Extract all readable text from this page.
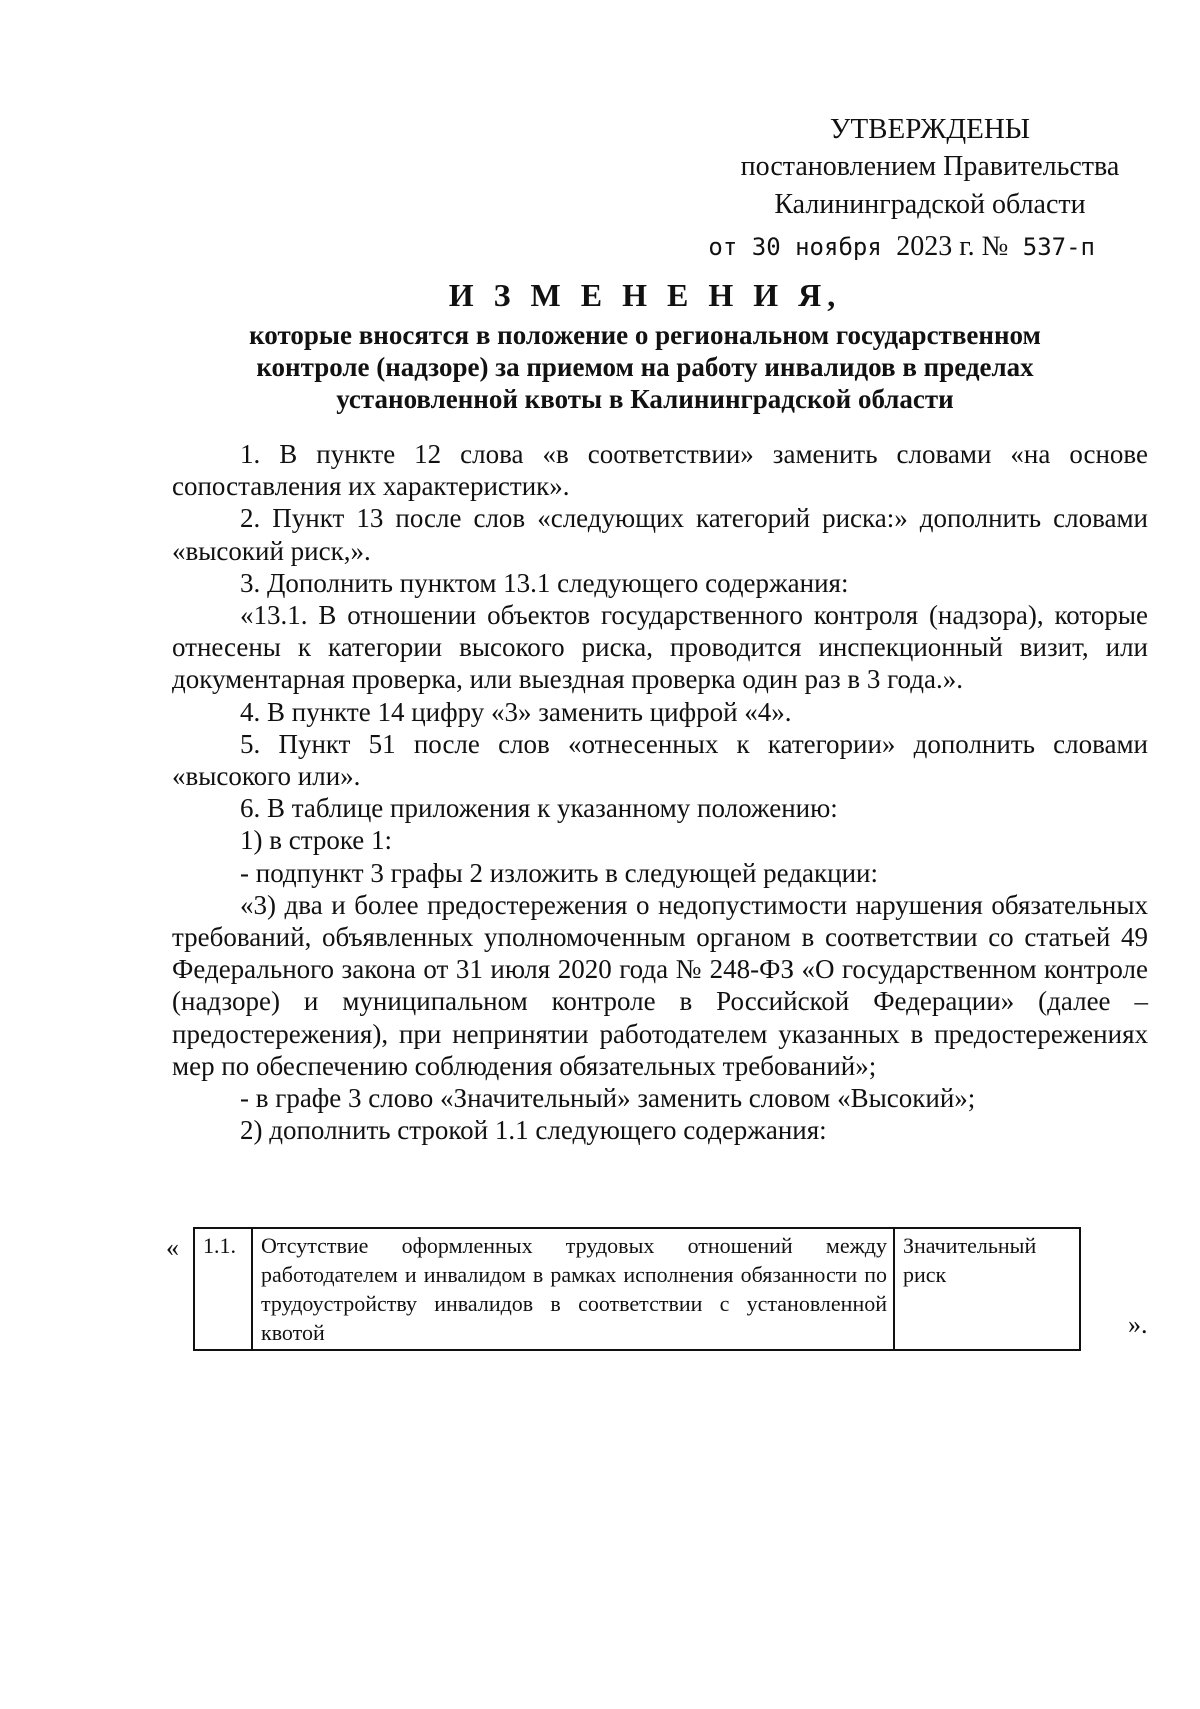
УТВЕРЖДЕНЫ
постановлением Правительства
Калининградской области
от 30 ноября 2023 г. № 537-п
И З М Е Н Е Н И Я,
которые вносятся в положение о региональном государственном
контроле (надзоре) за приемом на работу инвалидов в пределах
установленной квоты в Калининградской области

1. В пункте 12 слова «в соответствии» заменить словами «на основе сопоставления их характеристик».

2. Пункт 13 после слов «следующих категорий риска:» дополнить словами «высокий риск,».

3. Дополнить пунктом 13.1 следующего содержания:

«13.1. В отношении объектов государственного контроля (надзора), которые отнесены к категории высокого риска, проводится инспекционный визит, или документарная проверка, или выездная проверка один раз в 3 года.».

4. В пункте 14 цифру «3» заменить цифрой «4».

5. Пункт 51 после слов «отнесенных к категории» дополнить словами «высокого или».

6. В таблице приложения к указанному положению:

1) в строке 1:

- подпункт 3 графы 2 изложить в следующей редакции:

«3) два и более предостережения о недопустимости нарушения обязательных требований, объявленных уполномоченным органом в соответствии со статьей 49 Федерального закона от 31 июля 2020 года № 248-ФЗ «О государственном контроле (надзоре) и муниципальном контроле в Российской Федерации» (далее – предостережения), при непринятии работодателем указанных в предостережениях мер по обеспечению соблюдения обязательных требований»;

- в графе 3 слово «Значительный» заменить словом «Высокий»;

2) дополнить строкой 1.1 следующего содержания:

« 1.1.	Отсутствие оформленных трудовых отношений между работодателем и инвалидом в рамках исполнения обязанности по трудоустройству инвалидов в соответствии с установленной квотой	Значительный риск
».
